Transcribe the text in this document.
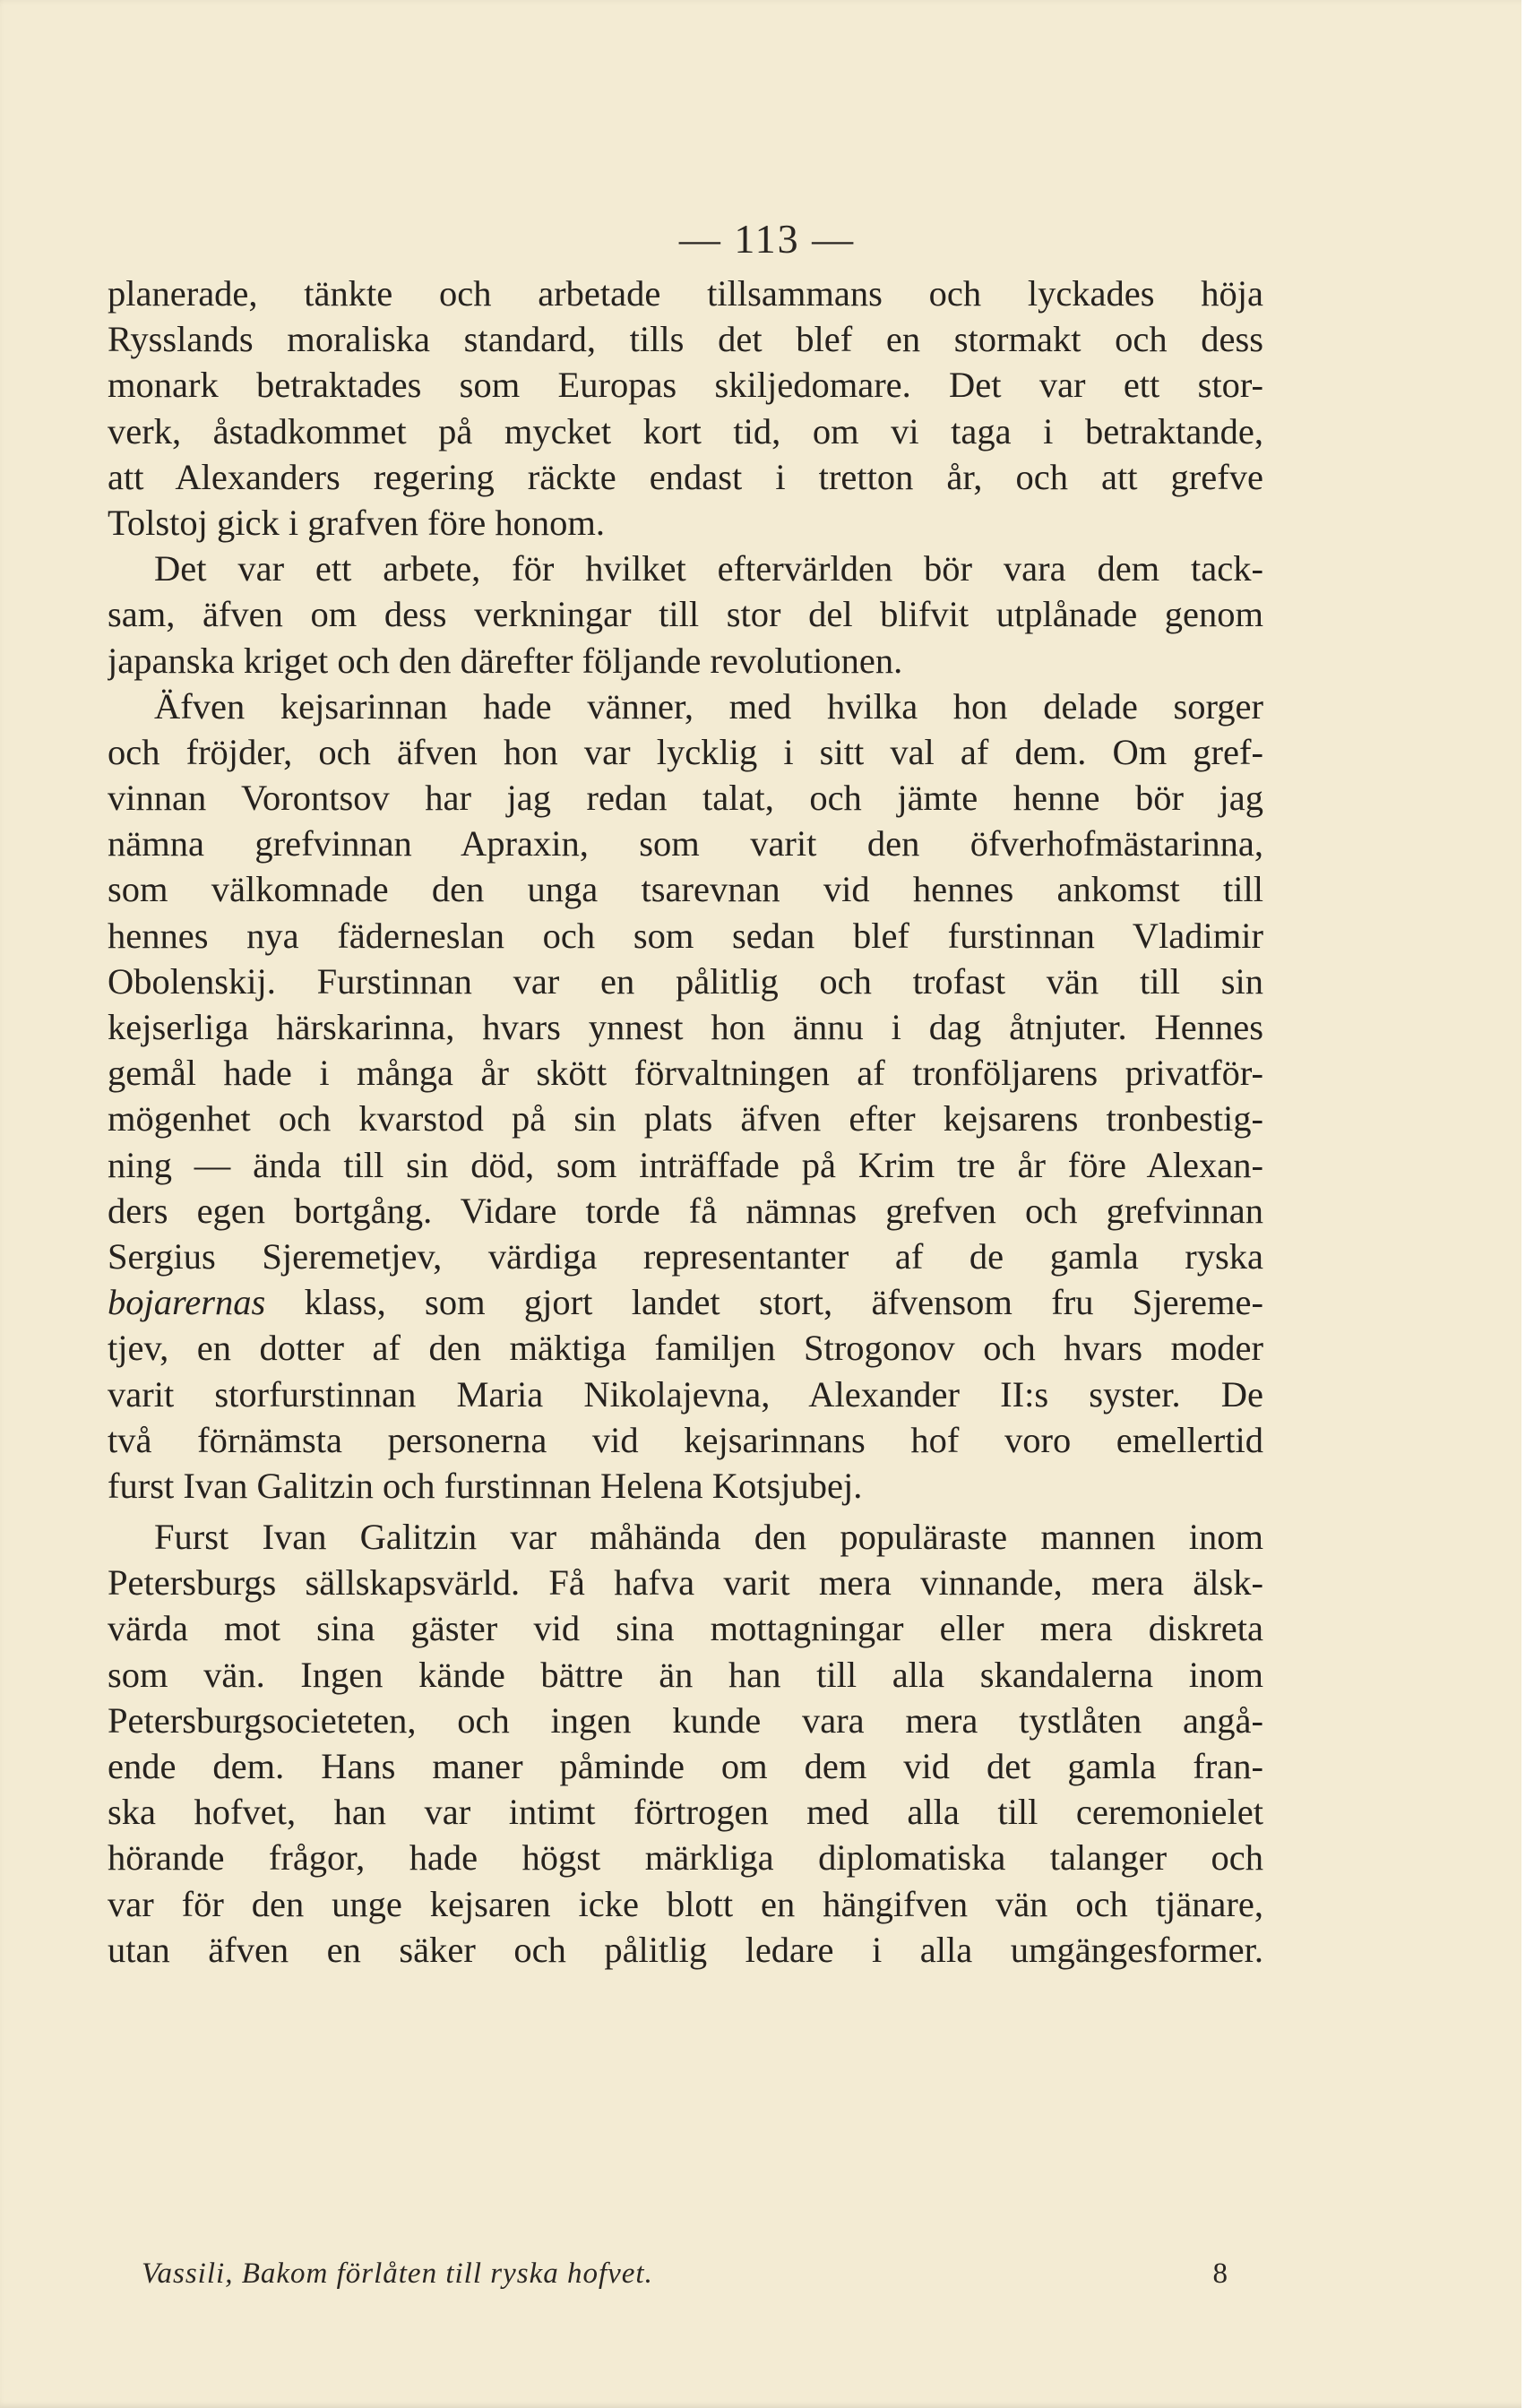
— 113 —
planerade, tänkte och arbetade tillsammans och lyckades höja
Rysslands moraliska standard, tills det blef en stormakt och dess
monark betraktades som Europas skiljedomare. Det var ett stor-
verk, åstadkommet på mycket kort tid, om vi taga i betraktande,
att Alexanders regering räckte endast i tretton år, och att grefve
Tolstoj gick i grafven före honom.
Det var ett arbete, för hvilket eftervärlden bör vara dem tack-
sam, äfven om dess verkningar till stor del blifvit utplånade genom
japanska kriget och den därefter följande revolutionen.
Äfven kejsarinnan hade vänner, med hvilka hon delade sorger
och fröjder, och äfven hon var lycklig i sitt val af dem. Om gref-
vinnan Vorontsov har jag redan talat, och jämte henne bör jag
nämna grefvinnan Apraxin, som varit den öfverhofmästarinna,
som välkomnade den unga tsarevnan vid hennes ankomst till
hennes nya fäderneslan och som sedan blef furstinnan Vladimir
Obolenskij. Furstinnan var en pålitlig och trofast vän till sin
kejserliga härskarinna, hvars ynnest hon ännu i dag åtnjuter. Hennes
gemål hade i många år skött förvaltningen af tronföljarens privatför-
mögenhet och kvarstod på sin plats äfven efter kejsarens tronbestig-
ning — ända till sin död, som inträffade på Krim tre år före Alexan-
ders egen bortgång. Vidare torde få nämnas grefven och grefvinnan
Sergius Sjeremetjev, värdiga representanter af de gamla ryska
bojarernas klass, som gjort landet stort, äfvensom fru Sjereme-
tjev, en dotter af den mäktiga familjen Strogonov och hvars moder
varit storfurstinnan Maria Nikolajevna, Alexander II:s syster. De
två förnämsta personerna vid kejsarinnans hof voro emellertid
furst Ivan Galitzin och furstinnan Helena Kotsjubej.
Furst Ivan Galitzin var måhända den populäraste mannen inom
Petersburgs sällskapsvärld. Få hafva varit mera vinnande, mera älsk-
värda mot sina gäster vid sina mottagningar eller mera diskreta
som vän. Ingen kände bättre än han till alla skandalerna inom
Petersburgsocieteten, och ingen kunde vara mera tystlåten angå-
ende dem. Hans maner påminde om dem vid det gamla fran-
ska hofvet, han var intimt förtrogen med alla till ceremonielet
hörande frågor, hade högst märkliga diplomatiska talanger och
var för den unge kejsaren icke blott en hängifven vän och tjänare,
utan äfven en säker och pålitlig ledare i alla umgängesformer.
Vassili, Bakom förlåten till ryska hofvet.	8
